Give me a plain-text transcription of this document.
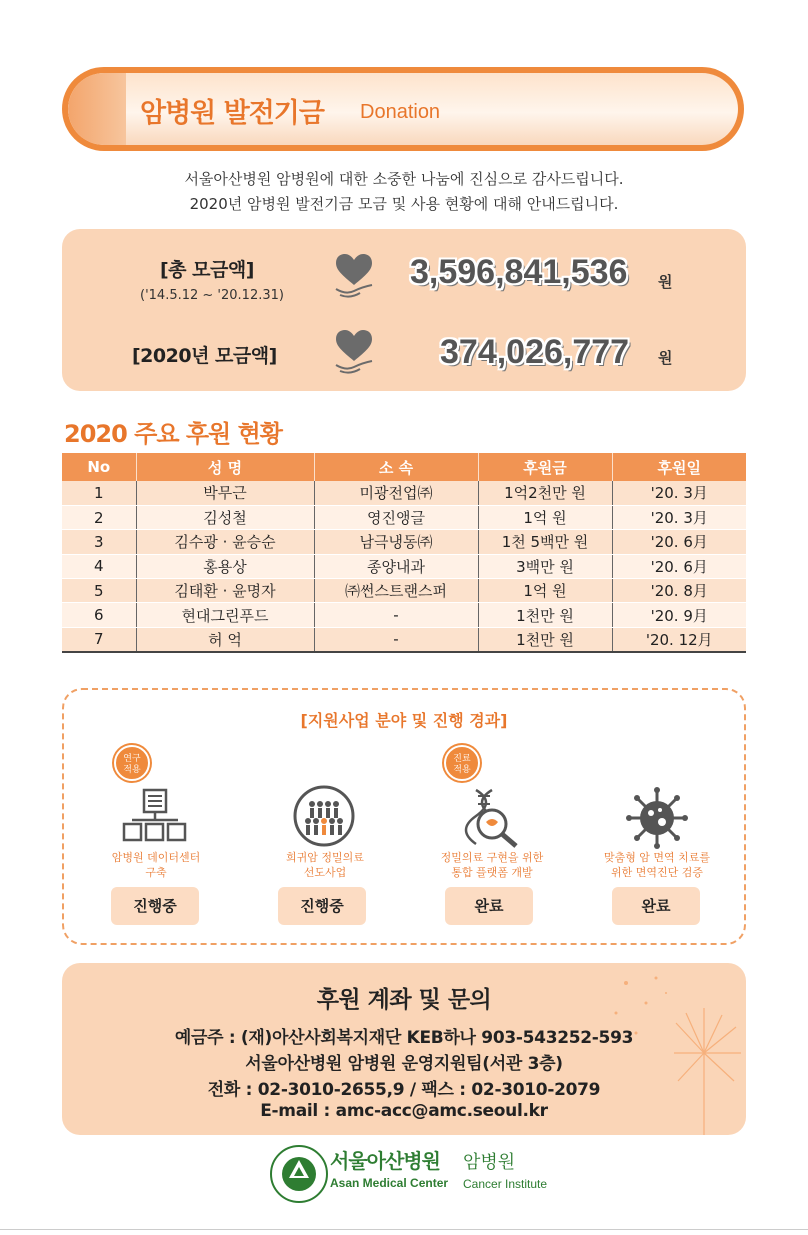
암병원 발전기금 Donation
서울아산병원 암병원에 대한 소중한 나눔에 진심으로 감사드립니다.
2020년 암병원 발전기금 모금 및 사용 현황에 대해 안내드립니다.
[총 모금액]
('14.5.12 ~ '20.12.31)
3,596,841,536 원
[2020년 모금액]	374,026,777 원
2020 주요 후원 현황
No	성 명	소 속	후원금	후원일
1	박무근	미광전업㈜	1억2천만 원	'20. 3月
2	김성철	영진앵글	1억 원	'20. 3月
3	김수광 · 윤승순	남극냉동㈜	1천 5백만 원	'20. 6月
4	홍용상	종양내과	3백만 원	'20. 6月
5	김태환 · 윤명자	㈜썬스트랜스퍼	1억 원	'20. 8月
6	현대그린푸드	-	1천만 원	'20. 9月
7	허 억	-	1천만 원	'20. 12月
[지원사업 분야 및 진행 경과]
연구
적용
진료
적용
암병원 데이터센터
구축
희귀암 정밀의료
선도사업
정밀의료 구현을 위한
통합 플랫폼 개발
맞춤형 암 면역 치료를
위한 면역진단 검증
진행중	진행중	완료	완료
후원 계좌 및 문의
예금주 : (재)아산사회복지재단 KEB하나 903-543252-593
서울아산병원 암병원 운영지원팀(서관 3층)
전화 : 02-3010-2655,9 / 팩스 : 02-3010-2079
E-mail : amc-acc@amc.seoul.kr
서울아산병원
Asan Medical Center
암병원
Cancer Institute
